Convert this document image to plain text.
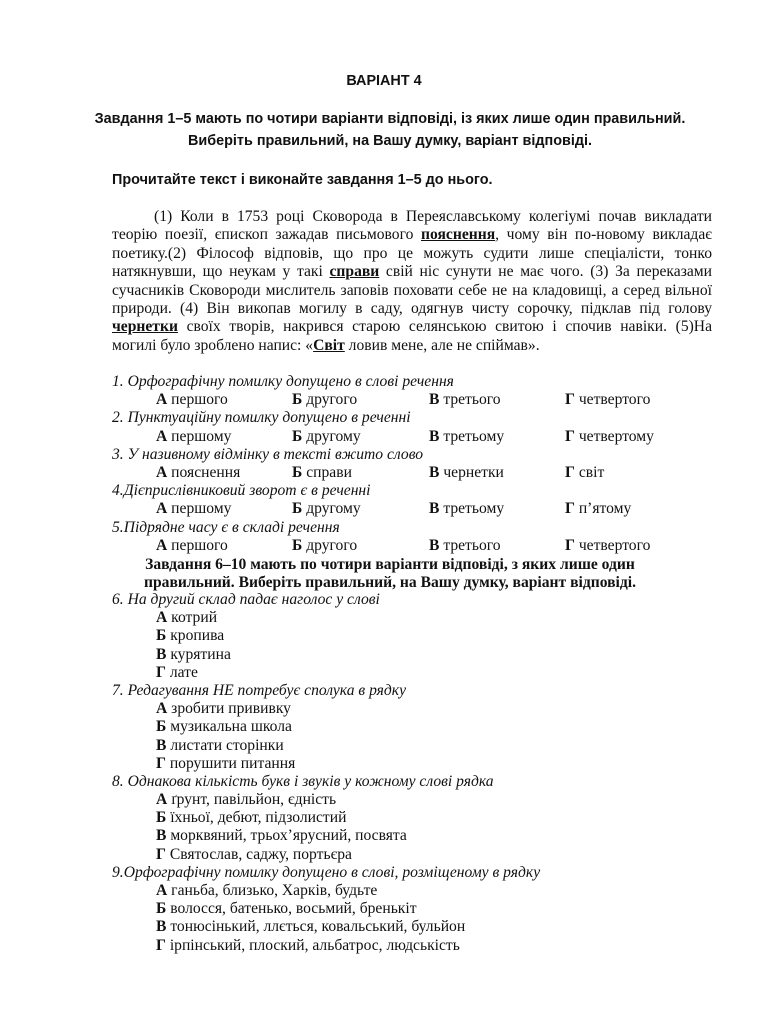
ВАРІАНТ 4
Завдання 1–5 мають по чотири варіанти відповіді, із яких лише один правильний.
Виберіть правильний, на Вашу думку, варіант відповіді.
Прочитайте текст і виконайте завдання 1–5 до нього.
(1) Коли в 1753 році Сковорода в Переяславському колегіумі почав викладати теорію поезії, єпископ зажадав письмового пояснення, чому він по-новому викладає поетику.(2) Філософ відповів, що про це можуть судити лише спеціалісти, тонко натякнувши, що неукам у такі справи свій ніс сунути не має чого. (3) За переказами сучасників Сковороди мислитель заповів поховати себе не на кладовищі, а серед вільної природи. (4) Він викопав могилу в саду, одягнув чисту сорочку, підклав під голову чернетки своїх творів, накрився старою селянською свитою і спочив навіки. (5)На могилі було зроблено напис: «Світ ловив мене, але не спіймав».
1. Орфографічну помилку допущено в слові речення
А першого	Б другого	В третього	Г четвертого
2. Пунктуаційну помилку допущено в реченні
А першому	Б другому	В третьому	Г четвертому
3. У називному відмінку в тексті вжито слово
А пояснення	Б справи	В чернетки	Г світ
4.Дієприслівниковий зворот є в реченні
А першому	Б другому	В третьому	Г п’ятому
5.Підрядне часу є в складі речення
А першого	Б другого	В третього	Г четвертого
Завдання 6–10 мають по чотири варіанти відповіді, з яких лише один
правильний. Виберіть правильний, на Вашу думку, варіант відповіді.
6. На другий склад падає наголос у слові
А котрий
Б кропива
В курятина
Г лате
7. Редагування НЕ потребує сполука в рядку
А зробити прививку
Б музикальна школа
В листати сторінки
Г порушити питання
8. Однакова кількість букв і звуків у кожному слові рядка
А ґрунт, павільйон, єдність
Б їхньої, дебют, підзолистий
В морквяний, трьох’ярусний, посвята
Г Святослав, саджу, портьєра
9.Орфографічну помилку допущено в слові, розміщеному в рядку
А ганьба, близько, Харків, будьте
Б волосся, батенько, восьмий, бренькіт
В тонюсінький, ллється, ковальський, бульйон
Г ірпінський, плоский, альбатрос, людськість
